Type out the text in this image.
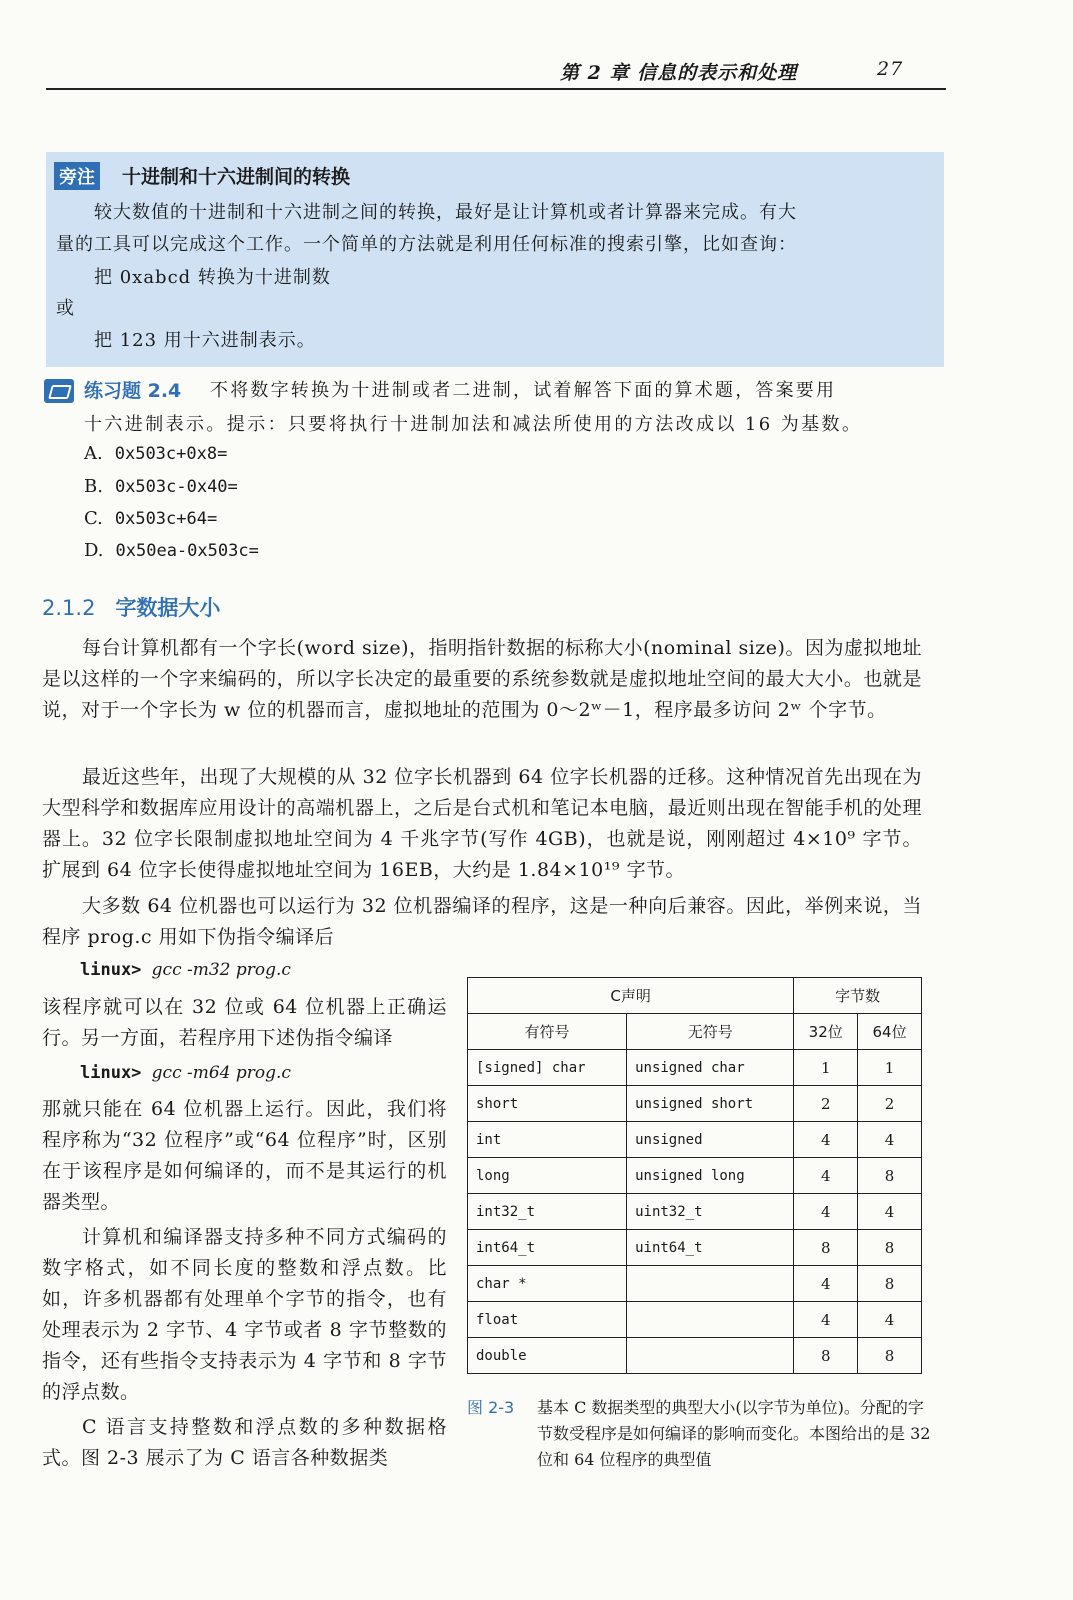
第 2 章 信息的表示和处理	27
旁注 十进制和十六进制间的转换

较大数值的十进制和十六进制之间的转换，最好是让计算机或者计算器来完成。有大

量的工具可以完成这个工作。一个简单的方法就是利用任何标准的搜索引擎，比如查询：

把 0xabcd 转换为十进制数

或

把 123 用十六进制表示。

练习题 2.4 不将数字转换为十进制或者二进制，试着解答下面的算术题，答案要用
十六进制表示。提示：只要将执行十进制加法和减法所使用的方法改成以 16 为基数。
A. 0x503c+0x8=
B. 0x503c-0x40=
C. 0x503c+64=
D. 0x50ea-0x503c=
2.1.2 字数据大小

每台计算机都有一个字长(word size)，指明指针数据的标称大小(nominal size)。因为虚拟地址是以这样的一个字来编码的，所以字长决定的最重要的系统参数就是虚拟地址空间的最大大小。也就是说，对于一个字长为 w 位的机器而言，虚拟地址的范围为 0～2ʷ－1，程序最多访问 2ʷ 个字节。

最近这些年，出现了大规模的从 32 位字长机器到 64 位字长机器的迁移。这种情况首先出现在为大型科学和数据库应用设计的高端机器上，之后是台式机和笔记本电脑，最近则出现在智能手机的处理器上。32 位字长限制虚拟地址空间为 4 千兆字节(写作 4GB)，也就是说，刚刚超过 4×10⁹ 字节。扩展到 64 位字长使得虚拟地址空间为 16EB，大约是 1.84×10¹⁹ 字节。

大多数 64 位机器也可以运行为 32 位机器编译的程序，这是一种向后兼容。因此，举例来说，当程序 prog.c 用如下伪指令编译后

linux> gcc -m32 prog.c

该程序就可以在 32 位或 64 位机器上正确运行。另一方面，若程序用下述伪指令编译

linux> gcc -m64 prog.c

那就只能在 64 位机器上运行。因此，我们将程序称为“32 位程序”或“64 位程序”时，区别在于该程序是如何编译的，而不是其运行的机器类型。

计算机和编译器支持多种不同方式编码的数字格式，如不同长度的整数和浮点数。比如，许多机器都有处理单个字节的指令，也有处理表示为 2 字节、4 字节或者 8 字节整数的指令，还有些指令支持表示为 4 字节和 8 字节的浮点数。

C 语言支持整数和浮点数的多种数据格式。图 2-3 展示了为 C 语言各种数据类

C声明		字节数	
有符号	无符号	32位	64位
[signed] char	unsigned char	1	1
short	unsigned short	2	2
int	unsigned	4	4
long	unsigned long	4	8
int32_t	uint32_t	4	4
int64_t	uint64_t	8	8
char *		4	8
float		4	4
double		8	8
图 2-3 基本 C 数据类型的典型大小(以字节为单位)。分配的字节数受程序是如何编译的影响而变化。本图给出的是 32 位和 64 位程序的典型值
